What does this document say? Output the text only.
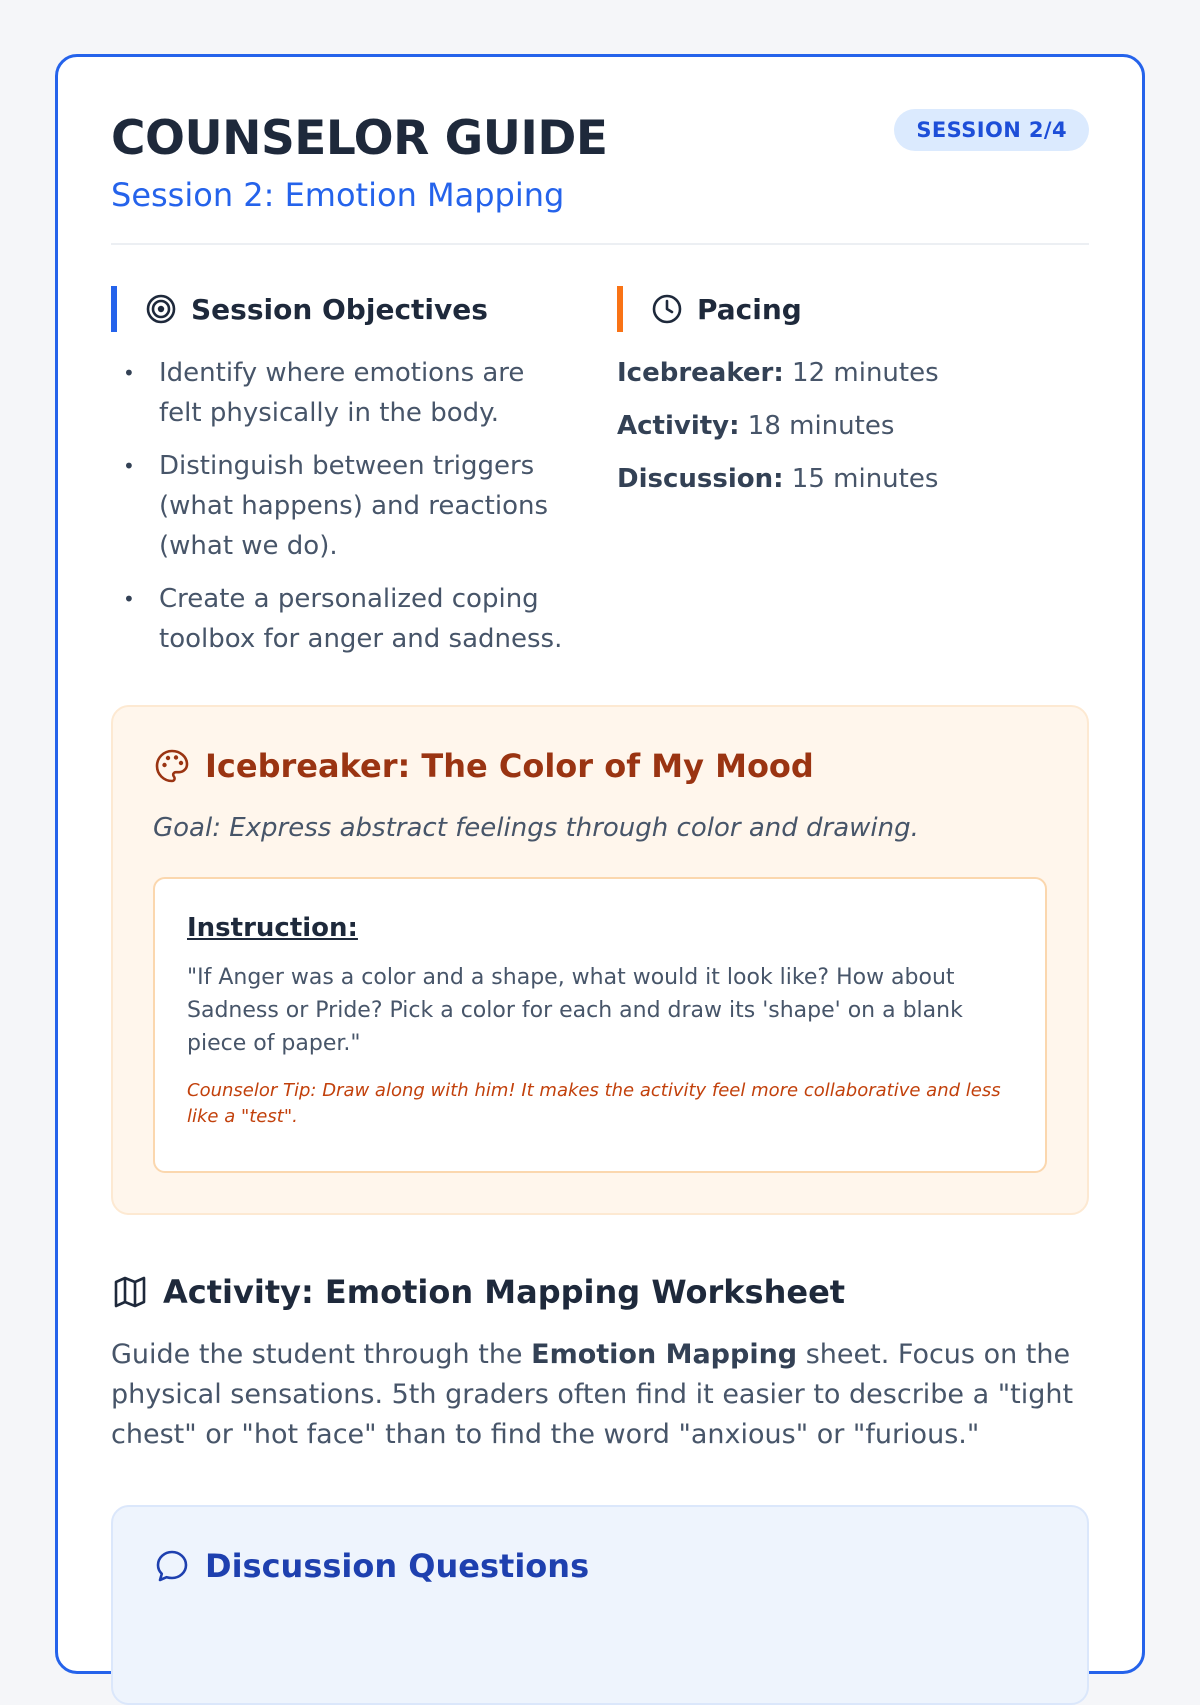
COUNSELOR GUIDE
Session 2: Emotion Mapping
SESSION 2/4
Session Objectives
• Identify where emotions are felt physically in the body.
• Distinguish between triggers (what happens) and reactions (what we do).
• Create a personalized coping toolbox for anger and sadness.
Pacing
Icebreaker: 12 minutes
Activity: 18 minutes
Discussion: 15 minutes
Icebreaker: The Color of My Mood
Goal: Express abstract feelings through color and drawing.

Instruction:

"If Anger was a color and a shape, what would it look like? How about Sadness or Pride? Pick a color for each and draw its 'shape' on a blank piece of paper."

Counselor Tip: Draw along with him! It makes the activity feel more collaborative and less like a "test".

Activity: Emotion Mapping Worksheet

Guide the student through the Emotion Mapping sheet. Focus on the physical sensations. 5th graders often find it easier to describe a "tight chest" or "hot face" than to find the word "anxious" or "furious."

Discussion Questions
